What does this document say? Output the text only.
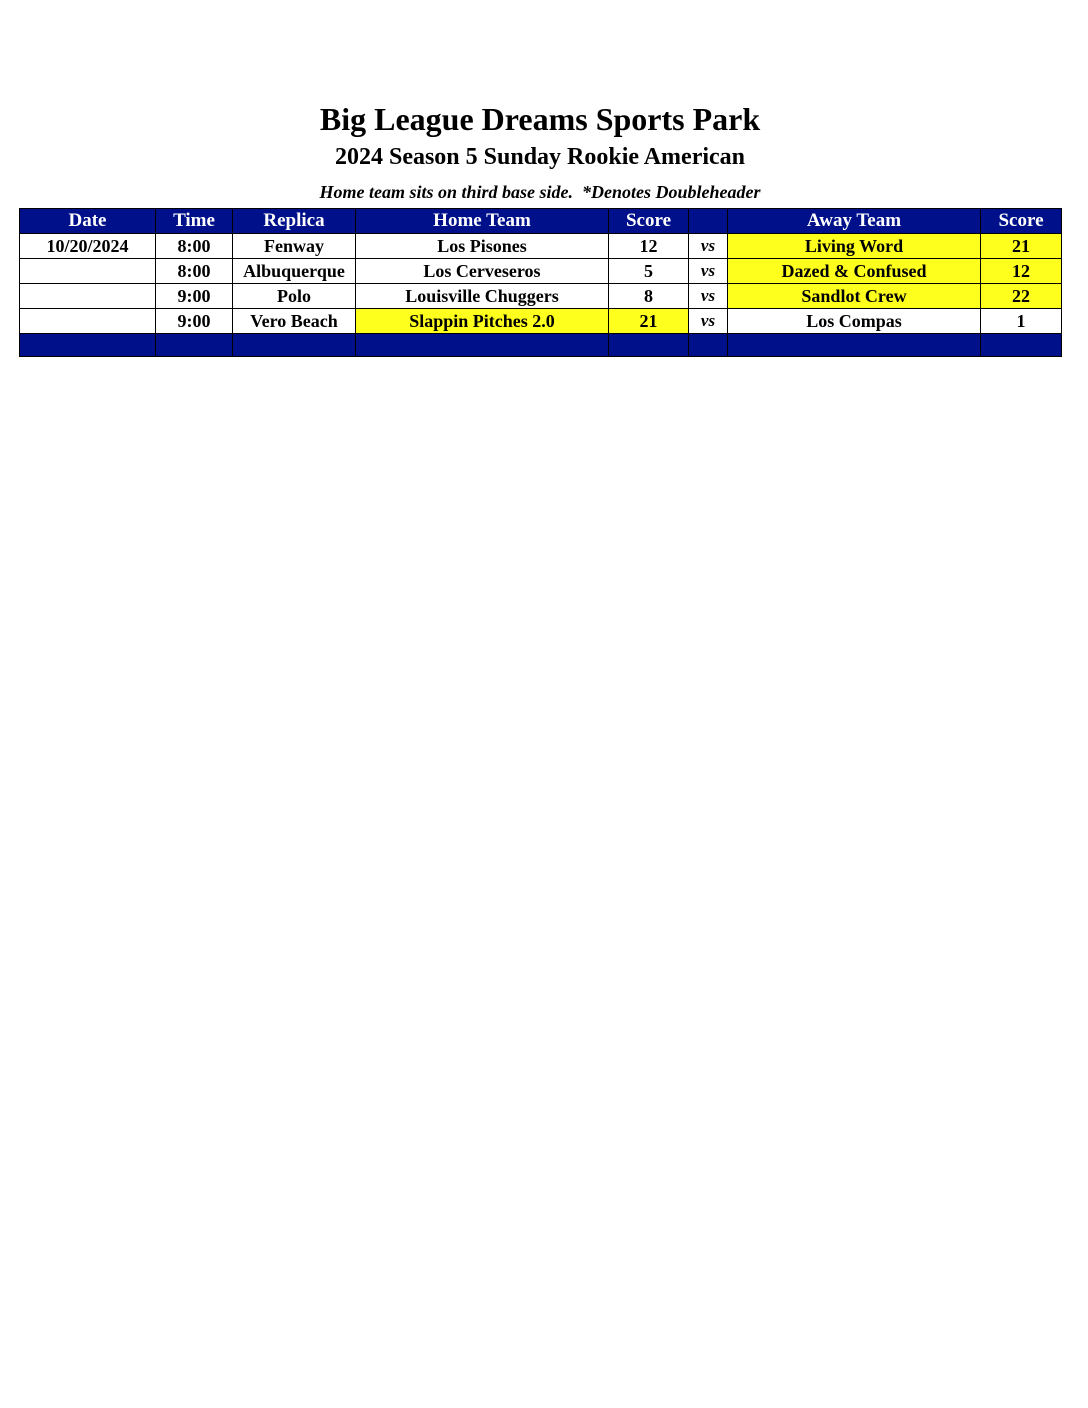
Big League Dreams Sports Park
2024 Season 5 Sunday Rookie American
Home team sits on third base side.  *Denotes Doubleheader
Date	Time	Replica	Home Team	Score		Away Team	Score
10/20/2024	8:00	Fenway	Los Pisones	12	vs	Living Word	21
	8:00	Albuquerque	Los Cerveseros	5	vs	Dazed & Confused	12
	9:00	Polo	Louisville Chuggers	8	vs	Sandlot Crew	22
	9:00	Vero Beach	Slappin Pitches 2.0	21	vs	Los Compas	1
